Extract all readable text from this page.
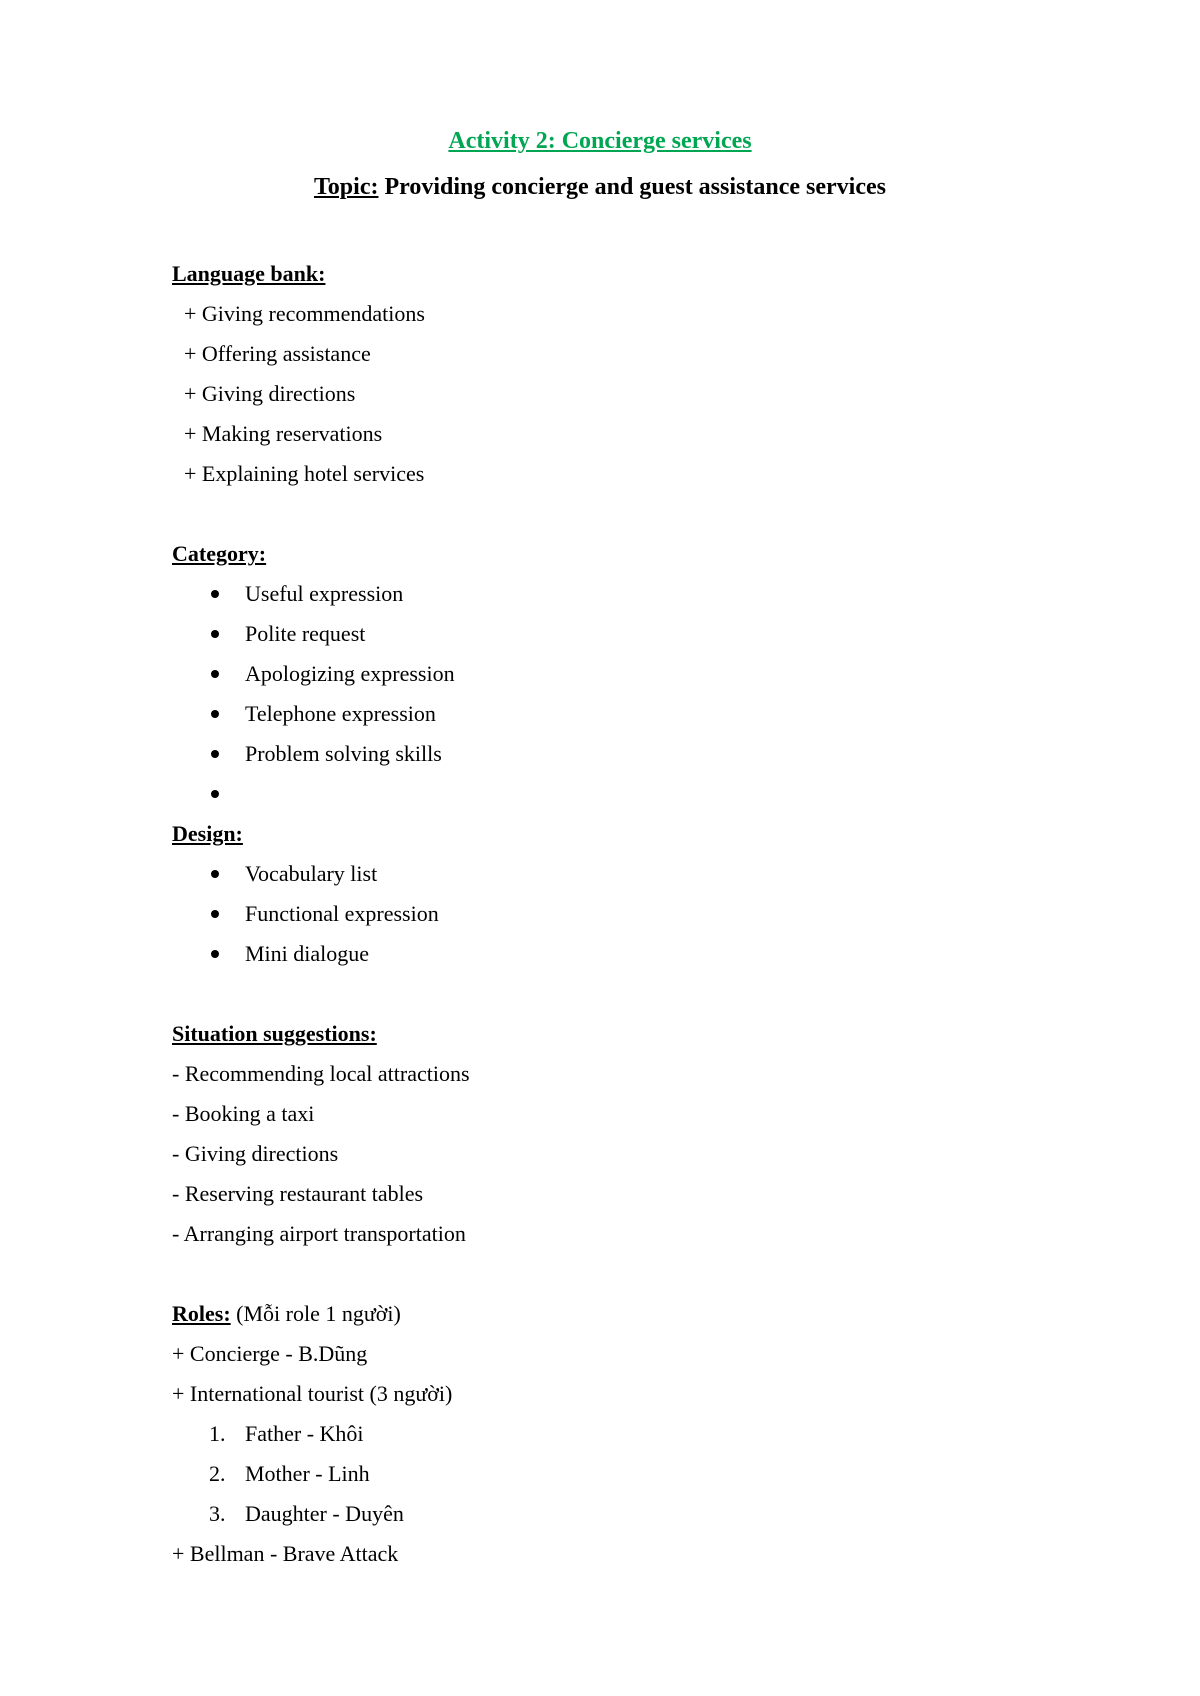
Activity 2: Concierge services
Topic: Providing concierge and guest assistance services
Language bank:
+ Giving recommendations
+ Offering assistance
+ Giving directions
+ Making reservations
+ Explaining hotel services
Category:
Useful expression
Polite request
Apologizing expression
Telephone expression
Problem solving skills
Design:
Vocabulary list
Functional expression
Mini dialogue
Situation suggestions:
- Recommending local attractions
- Booking a taxi
- Giving directions
- Reserving restaurant tables
- Arranging airport transportation
Roles: (Mỗi role 1 người)
+ Concierge - B.Dũng
+ International tourist (3 người)
1. Father - Khôi
2. Mother - Linh
3. Daughter - Duyên
+ Bellman - Brave Attack
